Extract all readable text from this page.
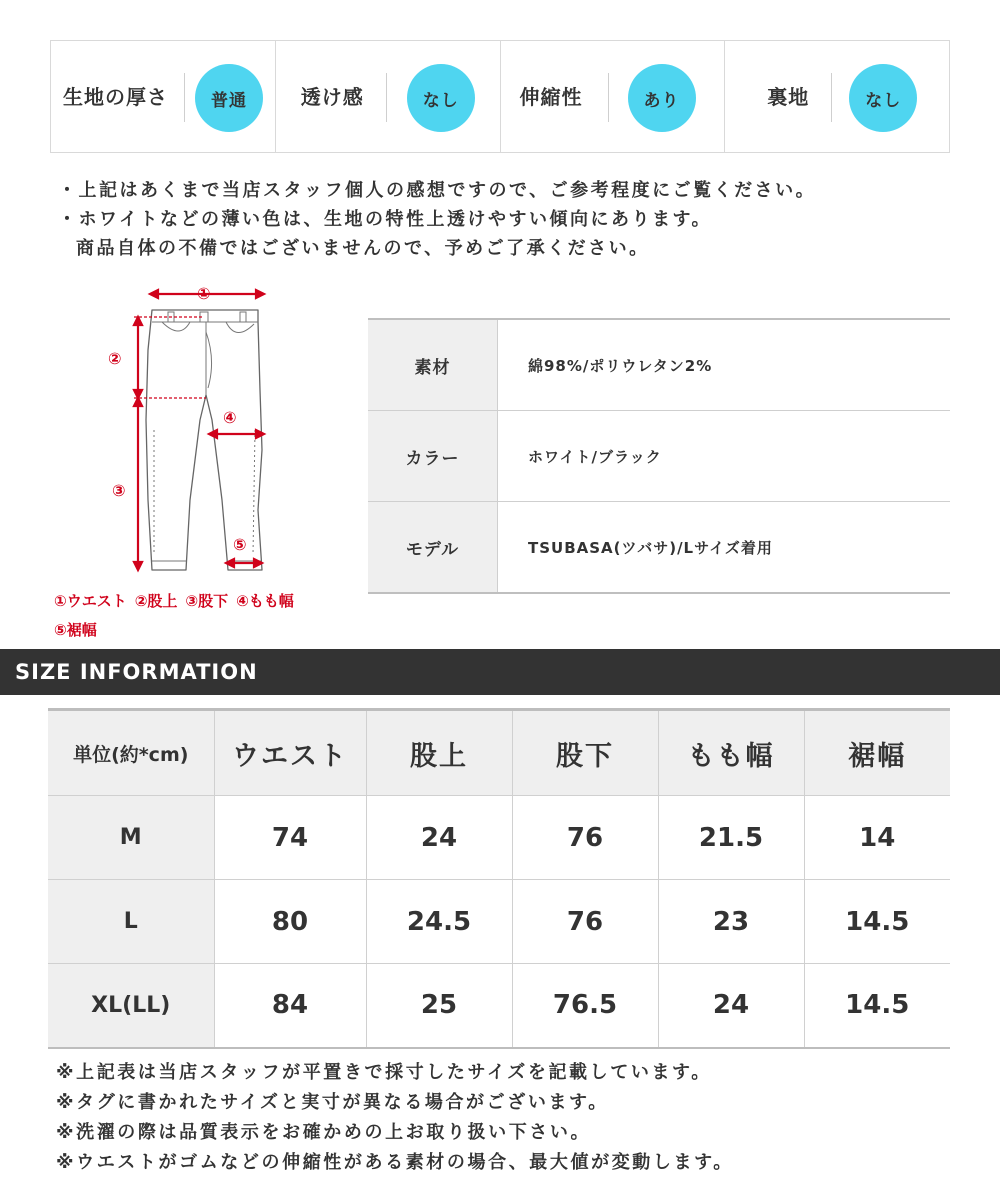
生地の厚さ	普通	透け感	なし	伸縮性	あり	裏地	なし
・上記はあくまで当店スタッフ個人の感想ですので、ご参考程度にご覧ください。
・ホワイトなどの薄い色は、生地の特性上透けやすい傾向にあります。
商品自体の不備ではございませんので、予めご了承ください。
①
②
③
④
⑤
①ウエスト ②股上 ③股下 ④もも幅
⑤裾幅
素材	綿98%/ポリウレタン2%
カラー	ホワイト/ブラック
モデル	TSUBASA(ツバサ)/Lサイズ着用
SIZE INFORMATION
単位(約*cm)	ウエスト	股上	股下	もも幅	裾幅
M	74	24	76	21.5	14
L	80	24.5	76	23	14.5
XL(LL)	84	25	76.5	24	14.5
※上記表は当店スタッフが平置きで採寸したサイズを記載しています。
※タグに書かれたサイズと実寸が異なる場合がございます。
※洗濯の際は品質表示をお確かめの上お取り扱い下さい。
※ウエストがゴムなどの伸縮性がある素材の場合、最大値が変動します。
